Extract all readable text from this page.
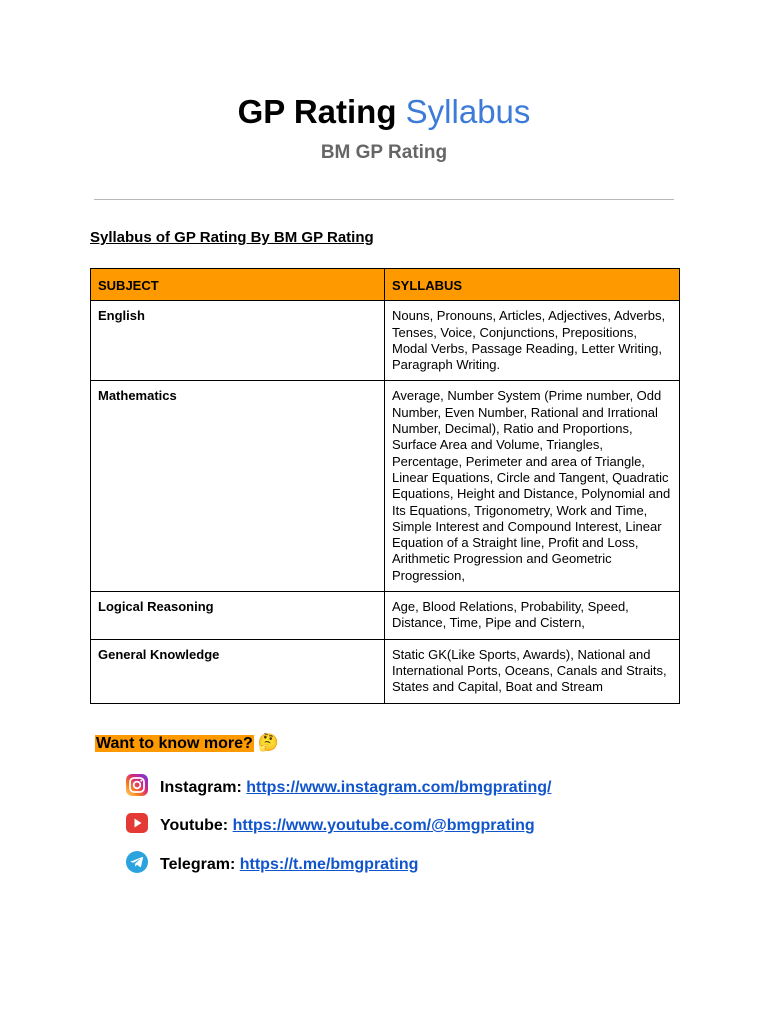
GP Rating Syllabus
BM GP Rating
Syllabus of GP Rating By BM GP Rating
SUBJECT	SYLLABUS
English	Nouns, Pronouns, Articles, Adjectives, Adverbs, Tenses, Voice, Conjunctions, Prepositions, Modal Verbs, Passage Reading, Letter Writing, Paragraph Writing.
Mathematics	Average, Number System (Prime number, Odd Number, Even Number, Rational and Irrational Number, Decimal), Ratio and Proportions, Surface Area and Volume, Triangles, Percentage, Perimeter and area of Triangle, Linear Equations, Circle and Tangent, Quadratic Equations, Height and Distance, Polynomial and Its Equations, Trigonometry, Work and Time, Simple Interest and Compound Interest, Linear Equation of a Straight line, Profit and Loss, Arithmetic Progression and Geometric Progression,
Logical Reasoning	Age, Blood Relations, Probability, Speed, Distance, Time, Pipe and Cistern,
General Knowledge	Static GK(Like Sports, Awards), National and International Ports, Oceans, Canals and Straits, States and Capital, Boat and Stream
Want to know more? 🤔
Instagram: https://www.instagram.com/bmgprating/
Youtube: https://www.youtube.com/@bmgprating
Telegram: https://t.me/bmgprating
